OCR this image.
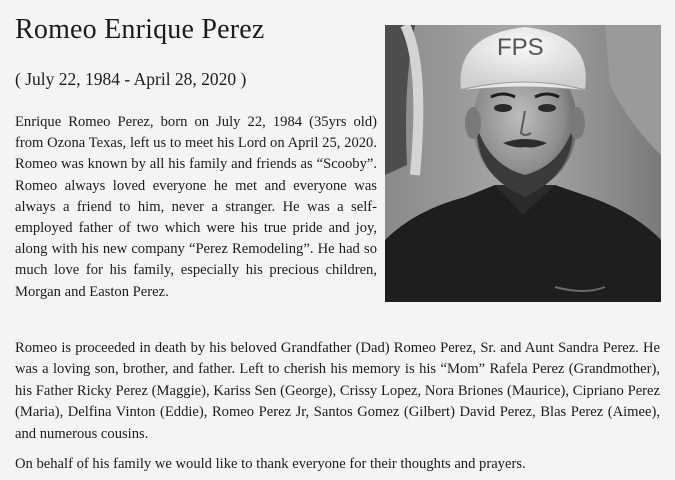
Romeo Enrique Perez
( July 22, 1984 - April 28, 2020 )

Enrique Romeo Perez, born on July 22, 1984 (35yrs old) from Ozona Texas, left us to meet his Lord on April 25, 2020. Romeo was known by all his family and friends as “Scooby”. Romeo always loved everyone he met and everyone was always a friend to him, never a stranger. He was a self-employed father of two which were his true pride and joy, along with his new company “Perez Remodeling”. He had so much love for his family, especially his precious children, Morgan and Easton Perez.

FPS

Romeo is proceeded in death by his beloved Grandfather (Dad) Romeo Perez, Sr. and Aunt Sandra Perez. He was a loving son, brother, and father. Left to cherish his memory is his “Mom” Rafela Perez (Grandmother), his Father Ricky Perez (Maggie), Kariss Sen (George), Crissy Lopez, Nora Briones (Maurice), Cipriano Perez (Maria), Delfina Vinton (Eddie), Romeo Perez Jr, Santos Gomez (Gilbert) David Perez, Blas Perez (Aimee), and numerous cousins.

On behalf of his family we would like to thank everyone for their thoughts and prayers.
